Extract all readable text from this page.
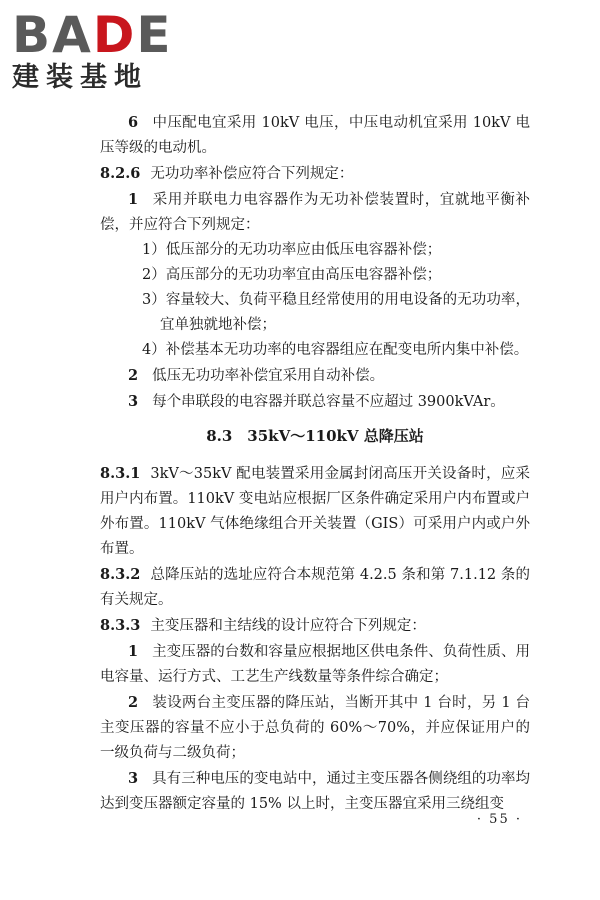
BADE
建装基地

6 中压配电宜采用 10kV 电压，中压电动机宜采用 10kV 电压等级的电动机。

8.2.6 无功功率补偿应符合下列规定：

1 采用并联电力电容器作为无功补偿装置时，宜就地平衡补偿，并应符合下列规定：

1）低压部分的无功功率应由低压电容器补偿；

2）高压部分的无功功率宜由高压电容器补偿；

3）容量较大、负荷平稳且经常使用的用电设备的无功功率，宜单独就地补偿；

4）补偿基本无功功率的电容器组应在配变电所内集中补偿。

2 低压无功功率补偿宜采用自动补偿。

3 每个串联段的电容器并联总容量不应超过 3900kVAr。

8.3　35kV～110kV 总降压站

8.3.1 3kV～35kV 配电装置采用金属封闭高压开关设备时，应采用户内布置。110kV 变电站应根据厂区条件确定采用户内布置或户外布置。110kV 气体绝缘组合开关装置（GIS）可采用户内或户外布置。

8.3.2 总降压站的选址应符合本规范第 4.2.5 条和第 7.1.12 条的有关规定。

8.3.3 主变压器和主结线的设计应符合下列规定：

1 主变压器的台数和容量应根据地区供电条件、负荷性质、用电容量、运行方式、工艺生产线数量等条件综合确定；

2 装设两台主变压器的降压站，当断开其中 1 台时，另 1 台主变压器的容量不应小于总负荷的 60%～70%，并应保证用户的一级负荷与二级负荷；

3 具有三种电压的变电站中，通过主变压器各侧绕组的功率均达到变压器额定容量的 15% 以上时，主变压器宜采用三绕组变

· 55 ·
